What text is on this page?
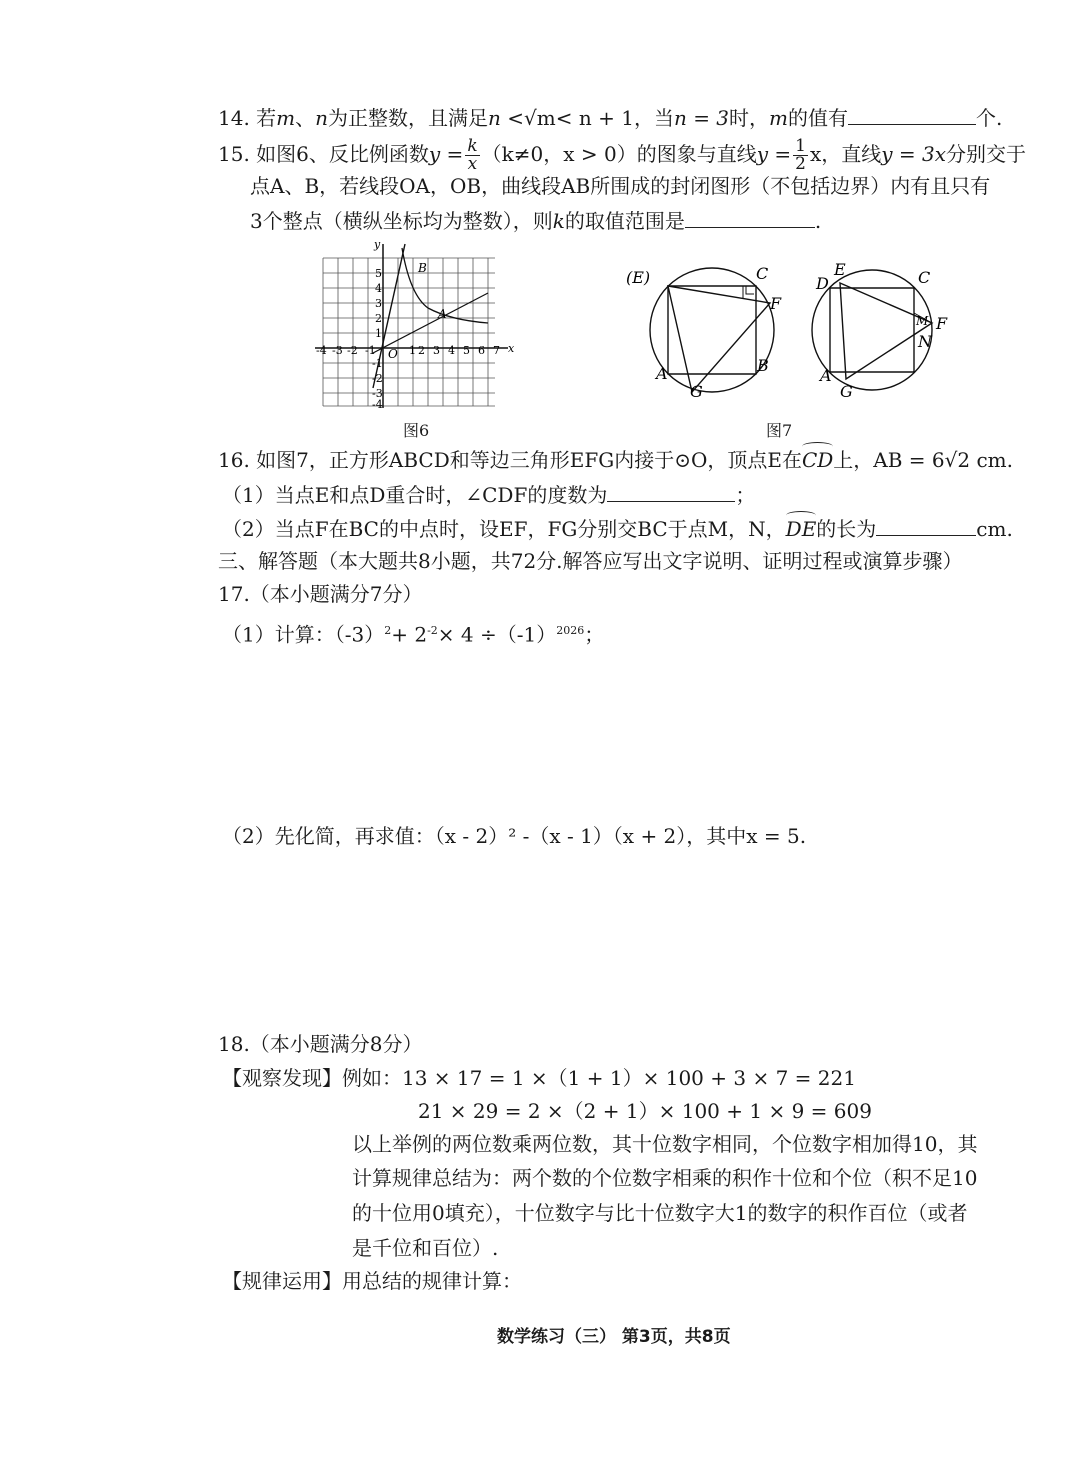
14. 若m、n为正整数，且满足n <√m< n + 1，当n = 3时，m的值有	个.
15. 如图6、反比例函数$y = \frac{k}{x} (k\ne 0$，x > 0）的图象与直线$y = \frac{1}{2}$ x，直线y = 3x分别交于
点A、B，若线段OA，OB，曲线段AB所围成的封闭图形（不包括边界）内有且只有
3个整点（横纵坐标均为整数），则k的取值范围是	.
x
y
O
A
B
-4 -3 -2 -1	1 2 3 4 5 6 7
5
4
3
2
1
-1
-2
-3
-4
图6
(E)	C
F
A
G
B
D
E	C
F
M
N
A
G
图7
16. 如图7，正方形ABCD和等边三角形EFG内接于⊙O，顶点E在CD上，AB = 6√2 cm.
（1）当点E和点D重合时，∠CDF的度数为	；
（2）当点F在BC的中点时，设EF，FG分别交BC于点M，N，DE的长为	cm.
三、解答题（本大题共8小题，共72分.解答应写出文字说明、证明过程或演算步骤）
17.（本小题满分7分）
（1）计算：$(-3)^2+ 2^{-2}\times 4 \div(-1)^{2026}$；
（2）先化简，再求值：（x - 2）² -（x - 1）（x + 2），其中x = 5.
18.（本小题满分8分）
【观察发现】例如：13 × 17 = 1 ×（1 + 1）× 100 + 3 × 7 = 221
21 × 29 = 2 ×（2 + 1）× 100 + 1 × 9 = 609
以上举例的两位数乘两位数，其十位数字相同，个位数字相加得10，其
计算规律总结为：两个数的个位数字相乘的积作十位和个位（积不足10
的十位用0填充），十位数字与比十位数字大1的数字的积作百位（或者
是千位和百位）.
【规律运用】用总结的规律计算：
数学练习（三） 第3页，共8页
